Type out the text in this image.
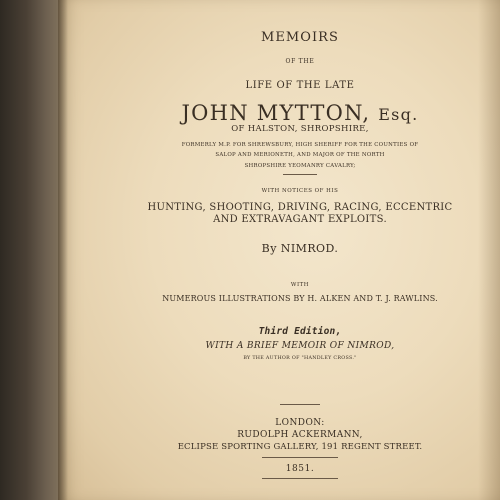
MEMOIRS
OF THE
LIFE OF THE LATE
JOHN MYTTON, Esq.
OF HALSTON, SHROPSHIRE,
FORMERLY M.P. FOR SHREWSBURY, HIGH SHERIFF FOR THE COUNTIES OF
SALOP AND MERIONETH, AND MAJOR OF THE NORTH
SHROPSHIRE YEOMANRY CAVALRY;
WITH NOTICES OF HIS
HUNTING, SHOOTING, DRIVING, RACING, ECCENTRIC
AND EXTRAVAGANT EXPLOITS.
By NIMROD.
WITH
NUMEROUS ILLUSTRATIONS BY H. ALKEN AND T. J. RAWLINS.
Third Edition,
WITH A BRIEF MEMOIR OF NIMROD,
BY THE AUTHOR OF "HANDLEY CROSS."
LONDON:
RUDOLPH ACKERMANN,
ECLIPSE SPORTING GALLERY, 191 REGENT STREET.
1851.
